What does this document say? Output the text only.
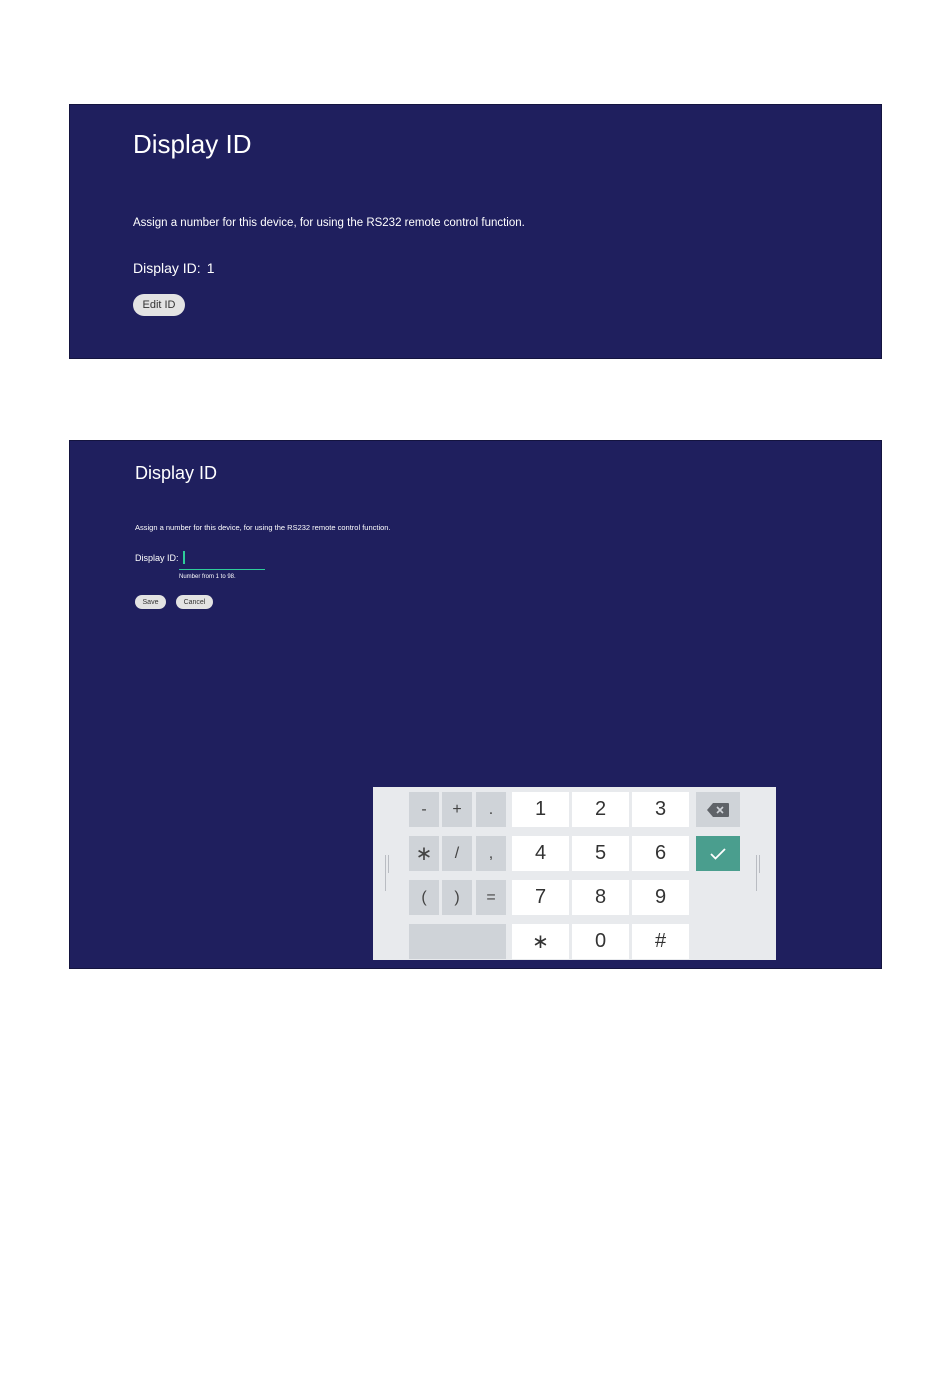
Display ID
Assign a number for this device, for using the RS232 remote control function.
Display ID: 1
Edit ID
Display ID
Assign a number for this device, for using the RS232 remote control function.
Display ID:
Number from 1 to 98.
Save	Cancel
-	+	.	1	2	3
∗	/	,	4	5	6
(	)	=	7	8	9
∗	0	#
